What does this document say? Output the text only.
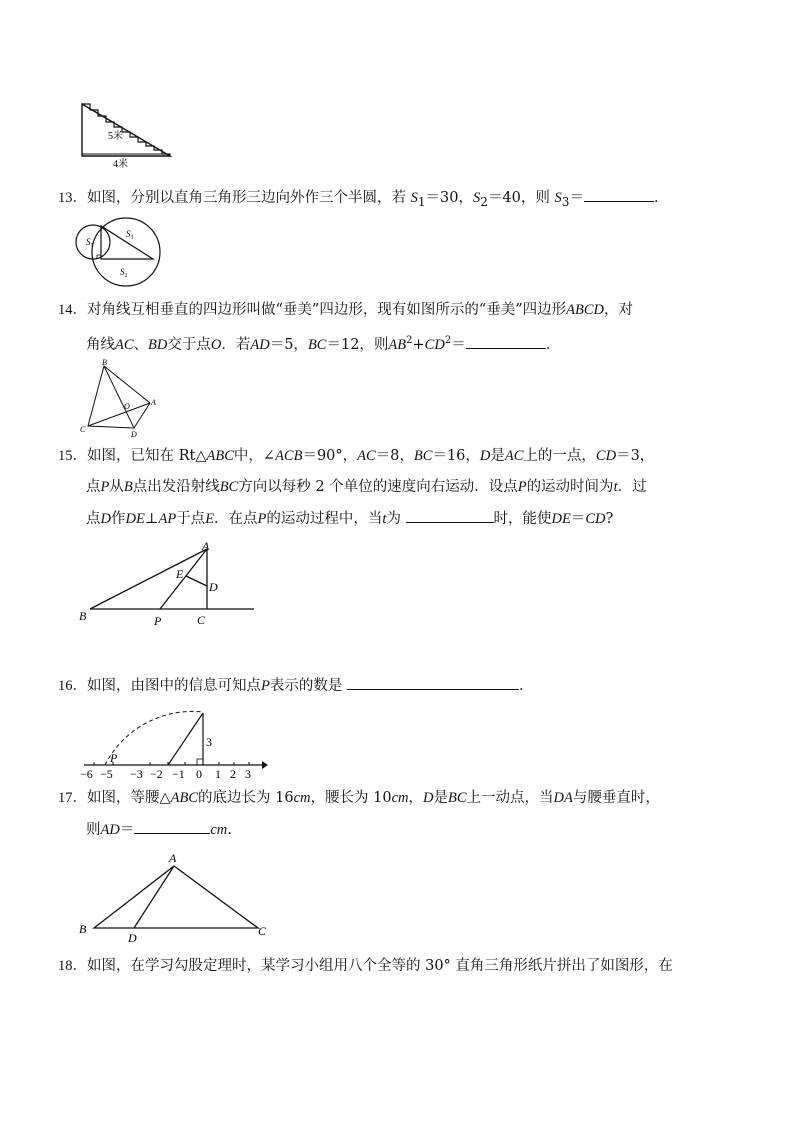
5米
4米
13．如图，分别以直角三角形三边向外作三个半圆，若 $S_1=30$，$S_2=40$，则 $S_3=$	．
$S_1$
$S_3$
$S_2$
14．对角线互相垂直的四边形叫做“垂美”四边形，现有如图所示的“垂美”四边形ABCD，对
角线AC、BD交于点O．若AD＝5，BC＝12，则$AB^2+CD^2=$	．
B
A
C
D
O
15．如图，已知在 Rt△ABC中，∠ACB＝90°，AC＝8，BC＝16，D是AC上的一点，CD＝3，
点P从B点出发沿射线BC方向以每秒 2 个单位的速度向右运动．设点P的运动时间为t．过
点D作DE⊥AP于点E．在点P的运动过程中，当t为	时，能使DE＝CD?
A
E
D
B	P	C
16．如图，由图中的信息可知点P表示的数是	．
P
3
−6 −5 −3 −2 −1 0 1 2 3
17．如图，等腰△ABC的底边长为 16cm，腰长为 10cm，D是BC上一动点，当DA与腰垂直时，
则AD＝	cm.
A
B
D	C
18．如图，在学习勾股定理时，某学习小组用八个全等的 30° 直角三角形纸片拼出了如图形，在
